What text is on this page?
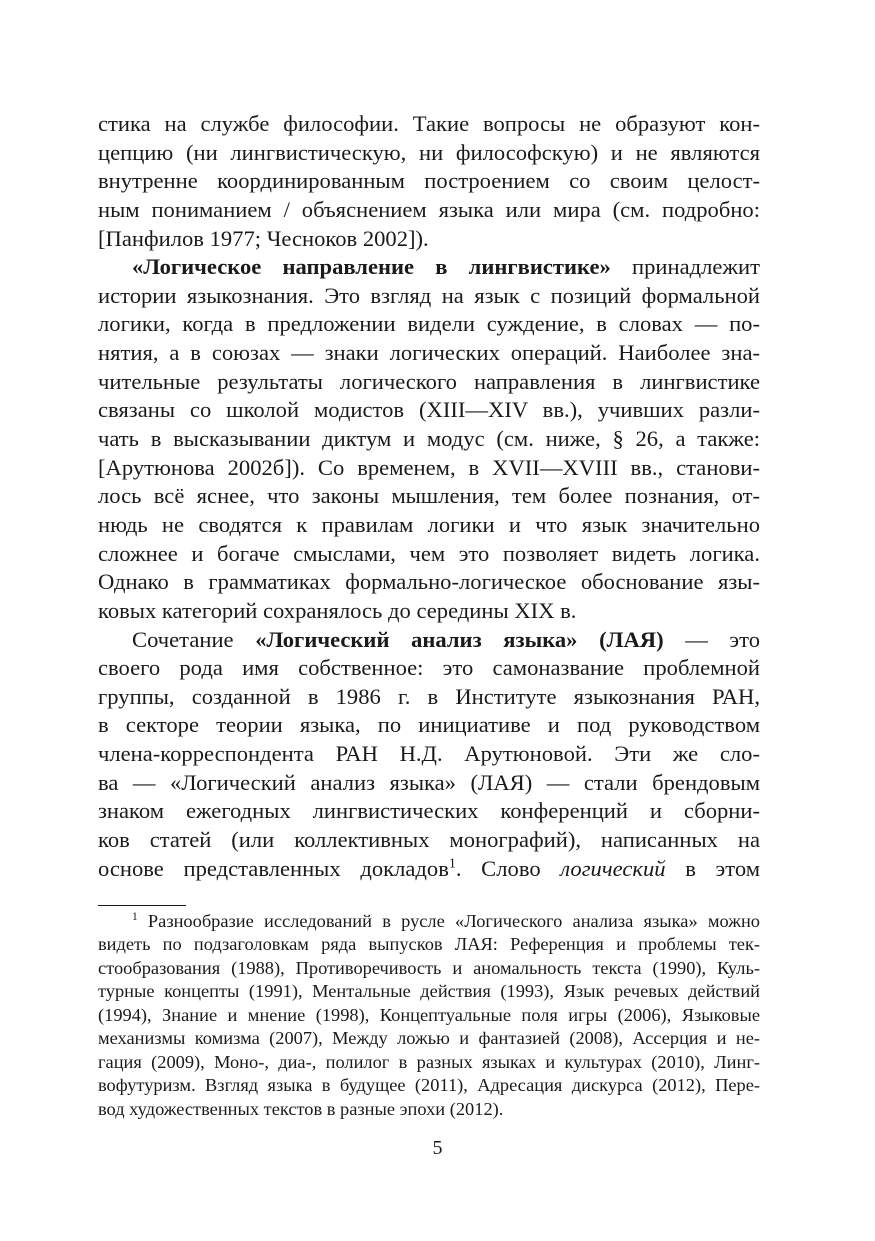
стика на службе философии. Такие вопросы не образуют кон-
цепцию (ни лингвистическую, ни философскую) и не являются
внутренне координированным построением со своим целост-
ным пониманием / объяснением языка или мира (см. подробно:
[Панфилов 1977; Чесноков 2002]).
«Логическое направление в лингвистике» принадлежит
истории языкознания. Это взгляд на язык с позиций формальной
логики, когда в предложении видели суждение, в словах — по-
нятия, а в союзах — знаки логических операций. Наиболее зна-
чительные результаты логического направления в лингвистике
связаны со школой модистов (XIII—XIV вв.), учивших разли-
чать в высказывании диктум и модус (см. ниже, § 26, а также:
[Арутюнова 2002б]). Со временем, в XVII—XVIII вв., станови-
лось всё яснее, что законы мышления, тем более познания, от-
нюдь не сводятся к правилам логики и что язык значительно
сложнее и богаче смыслами, чем это позволяет видеть логика.
Однако в грамматиках формально-логическое обоснование язы-
ковых категорий сохранялось до середины XIX в.
Сочетание «Логический анализ языка» (ЛАЯ) — это
своего рода имя собственное: это самоназвание проблемной
группы, созданной в 1986 г. в Институте языкознания РАН,
в секторе теории языка, по инициативе и под руководством
члена-корреспондента РАН Н.Д. Арутюновой. Эти же сло-
ва — «Логический анализ языка» (ЛАЯ) — стали брендовым
знаком ежегодных лингвистических конференций и сборни-
ков статей (или коллективных монографий), написанных на
основе представленных докладов$^1$. Слово логический в этом
$^1$ Разнообразие исследований в русле «Логического анализа языка» можно
видеть по подзаголовкам ряда выпусков ЛАЯ: Референция и проблемы тек-
стообразования (1988), Противоречивость и аномальность текста (1990), Куль-
турные концепты (1991), Ментальные действия (1993), Язык речевых действий
(1994), Знание и мнение (1998), Концептуальные поля игры (2006), Языковые
механизмы комизма (2007), Между ложью и фантазией (2008), Ассерция и не-
гация (2009), Моно-, диа-, полилог в разных языках и культурах (2010), Линг-
вофутуризм. Взгляд языка в будущее (2011), Адресация дискурса (2012), Пере-
вод художественных текстов в разные эпохи (2012).
5
